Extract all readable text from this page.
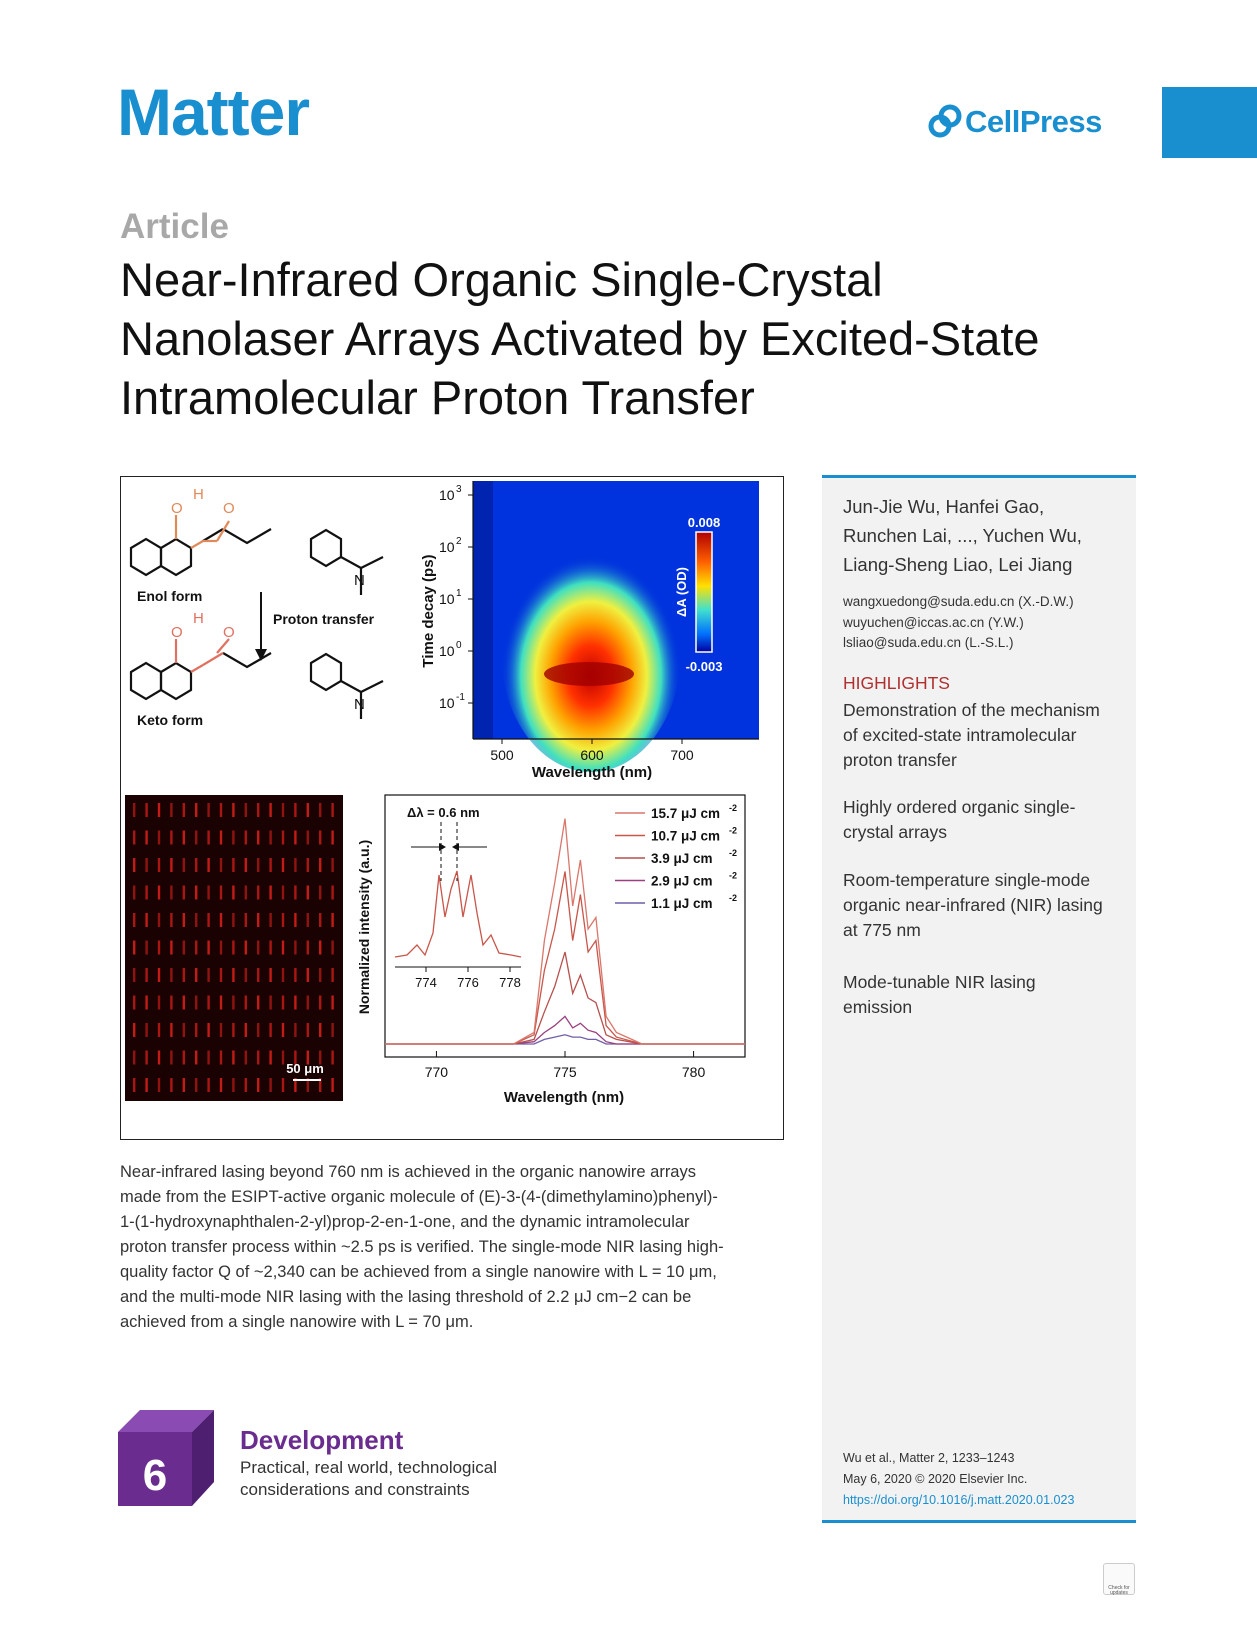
Matter	CellPress
Article
Near-Infrared Organic Single-Crystal
Nanolaser Arrays Activated by Excited-State
Intramolecular Proton Transfer
Jun-Jie Wu, Hanfei Gao,
Runchen Lai, ..., Yuchen Wu,
Liang-Sheng Liao, Lei Jiang
wangxuedong@suda.edu.cn (X.-D.W.)
wuyuchen@iccas.ac.cn (Y.W.)
lsliao@suda.edu.cn (L.-S.L.)
HIGHLIGHTS
Demonstration of the mechanism
of excited-state intramolecular
proton transfer
Highly ordered organic single-
crystal arrays
Room-temperature single-mode
organic near-infrared (NIR) lasing
at 775 nm
Mode-tunable NIR lasing
emission
Wu et al., Matter 2, 1233–1243
May 6, 2020 © 2020 Elsevier Inc.
https://doi.org/10.1016/j.matt.2020.01.023
O
H
O
N
Enol form
Proton transfer
O
H
O
N
Keto form
0.008
-0.003
ΔA (OD)
500	600	700
10 3
10 2
10 1
10 0
10 -1
Wavelength (nm)
Time decay (ps)
50 μm	770	775	780
Wavelength (nm)
Normalized intensity (a.u.)
15.7 μJ cm -2
10.7 μJ cm -2
3.9 μJ cm -2
2.9 μJ cm -2
1.1 μJ cm -2
Δλ = 0.6 nm
774 776 778
Near-infrared lasing beyond 760 nm is achieved in the organic nanowire arrays
made from the ESIPT-active organic molecule of (E)-3-(4-(dimethylamino)phenyl)-
1-(1-hydroxynaphthalen-2-yl)prop-2-en-1-one, and the dynamic intramolecular
proton transfer process within ~2.5 ps is verified. The single-mode NIR lasing high-
quality factor Q of ~2,340 can be achieved from a single nanowire with L = 10 μm,
and the multi-mode NIR lasing with the lasing threshold of 2.2 μJ cm−2 can be
achieved from a single nanowire with L = 70 μm.
6
Development
Practical, real world, technological
considerations and constraints
Check for updates
